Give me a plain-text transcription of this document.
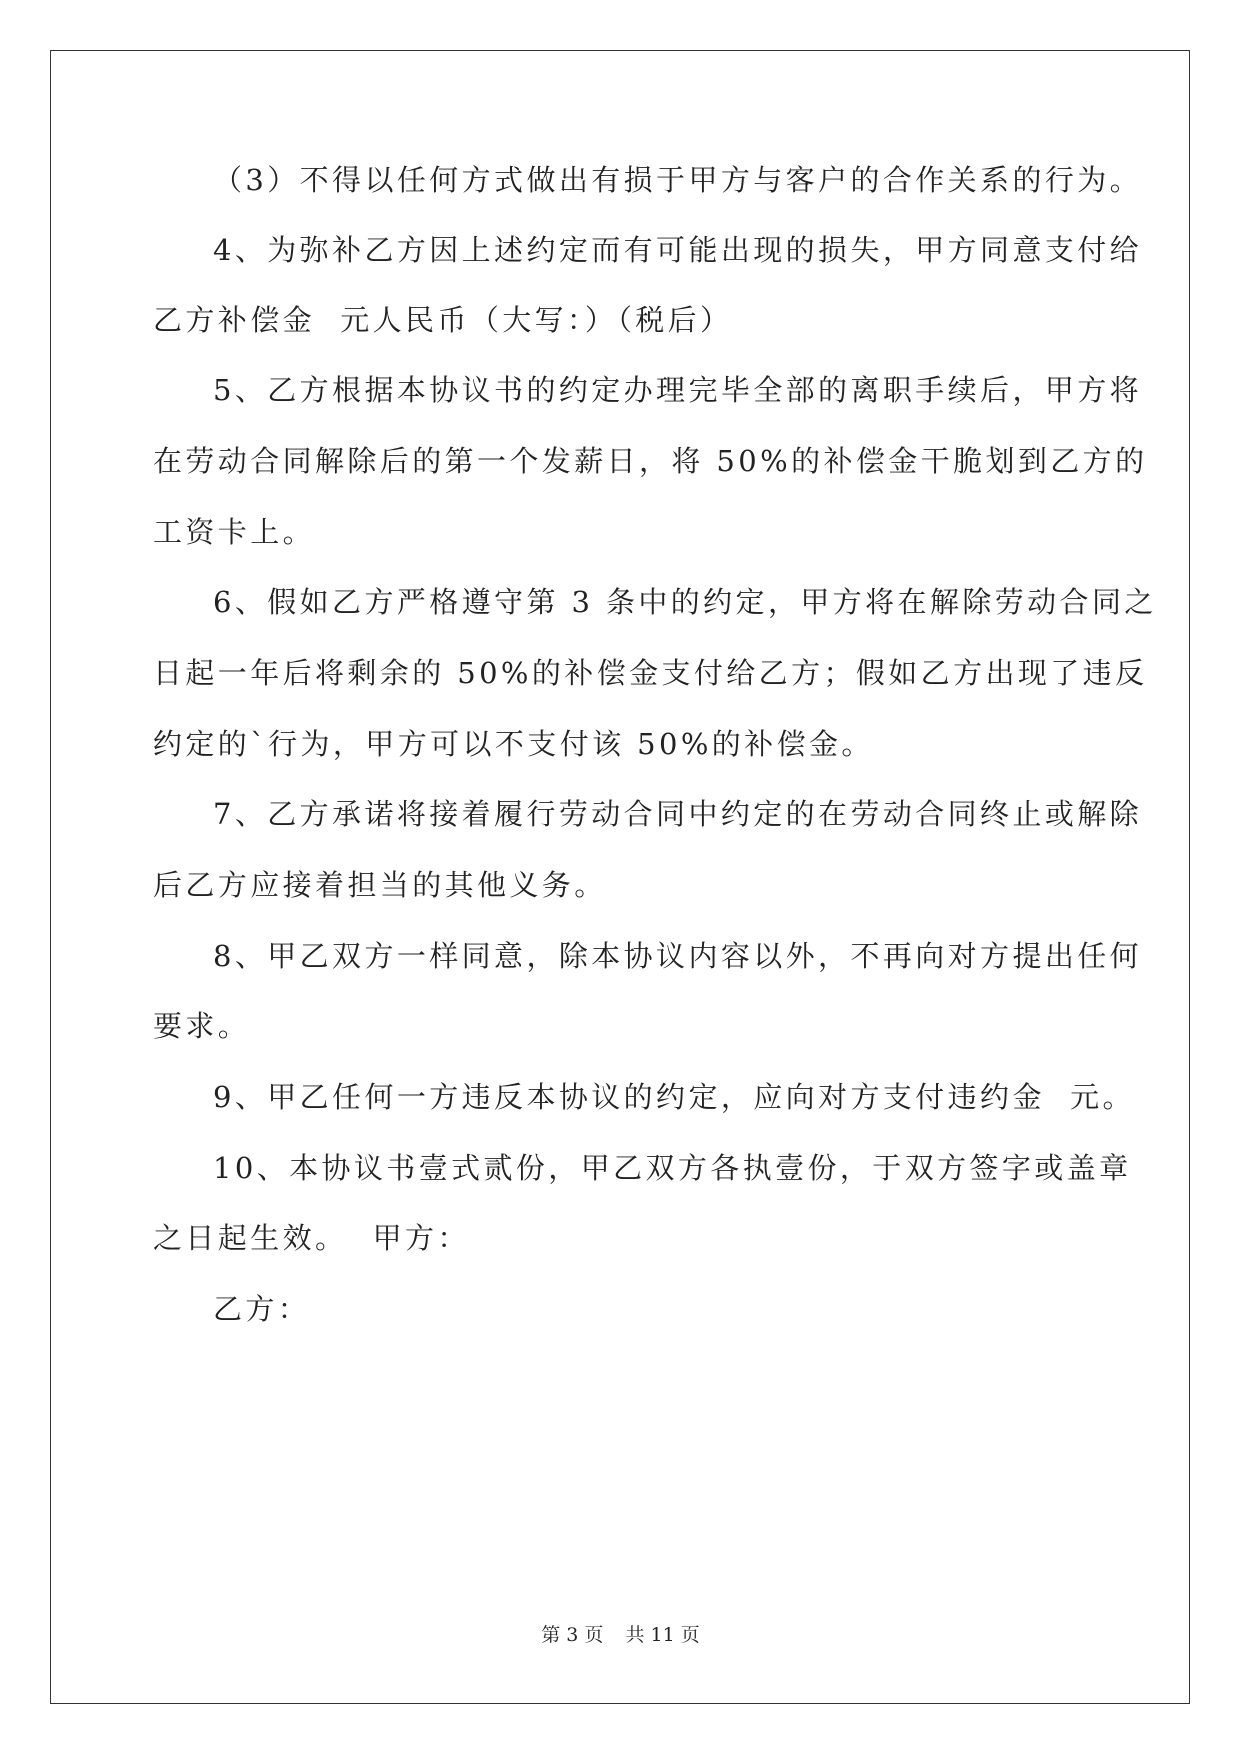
（3）不得以任何方式做出有损于甲方与客户的合作关系的行为。
4、为弥补乙方因上述约定而有可能出现的损失，甲方同意支付给
乙方补偿金  元人民币（大写：）（税后）
5、乙方根据本协议书的约定办理完毕全部的离职手续后，甲方将
在劳动合同解除后的第一个发薪日，将 50%的补偿金干脆划到乙方的
工资卡上。
6、假如乙方严格遵守第 3 条中的约定，甲方将在解除劳动合同之
日起一年后将剩余的 50%的补偿金支付给乙方；假如乙方出现了违反
约定的`行为，甲方可以不支付该 50%的补偿金。
7、乙方承诺将接着履行劳动合同中约定的在劳动合同终止或解除
后乙方应接着担当的其他义务。
8、甲乙双方一样同意，除本协议内容以外，不再向对方提出任何
要求。
9、甲乙任何一方违反本协议的约定，应向对方支付违约金  元。
10、本协议书壹式贰份，甲乙双方各执壹份，于双方签字或盖章
之日起生效。  甲方：
乙方：
第 3 页 共 11 页
